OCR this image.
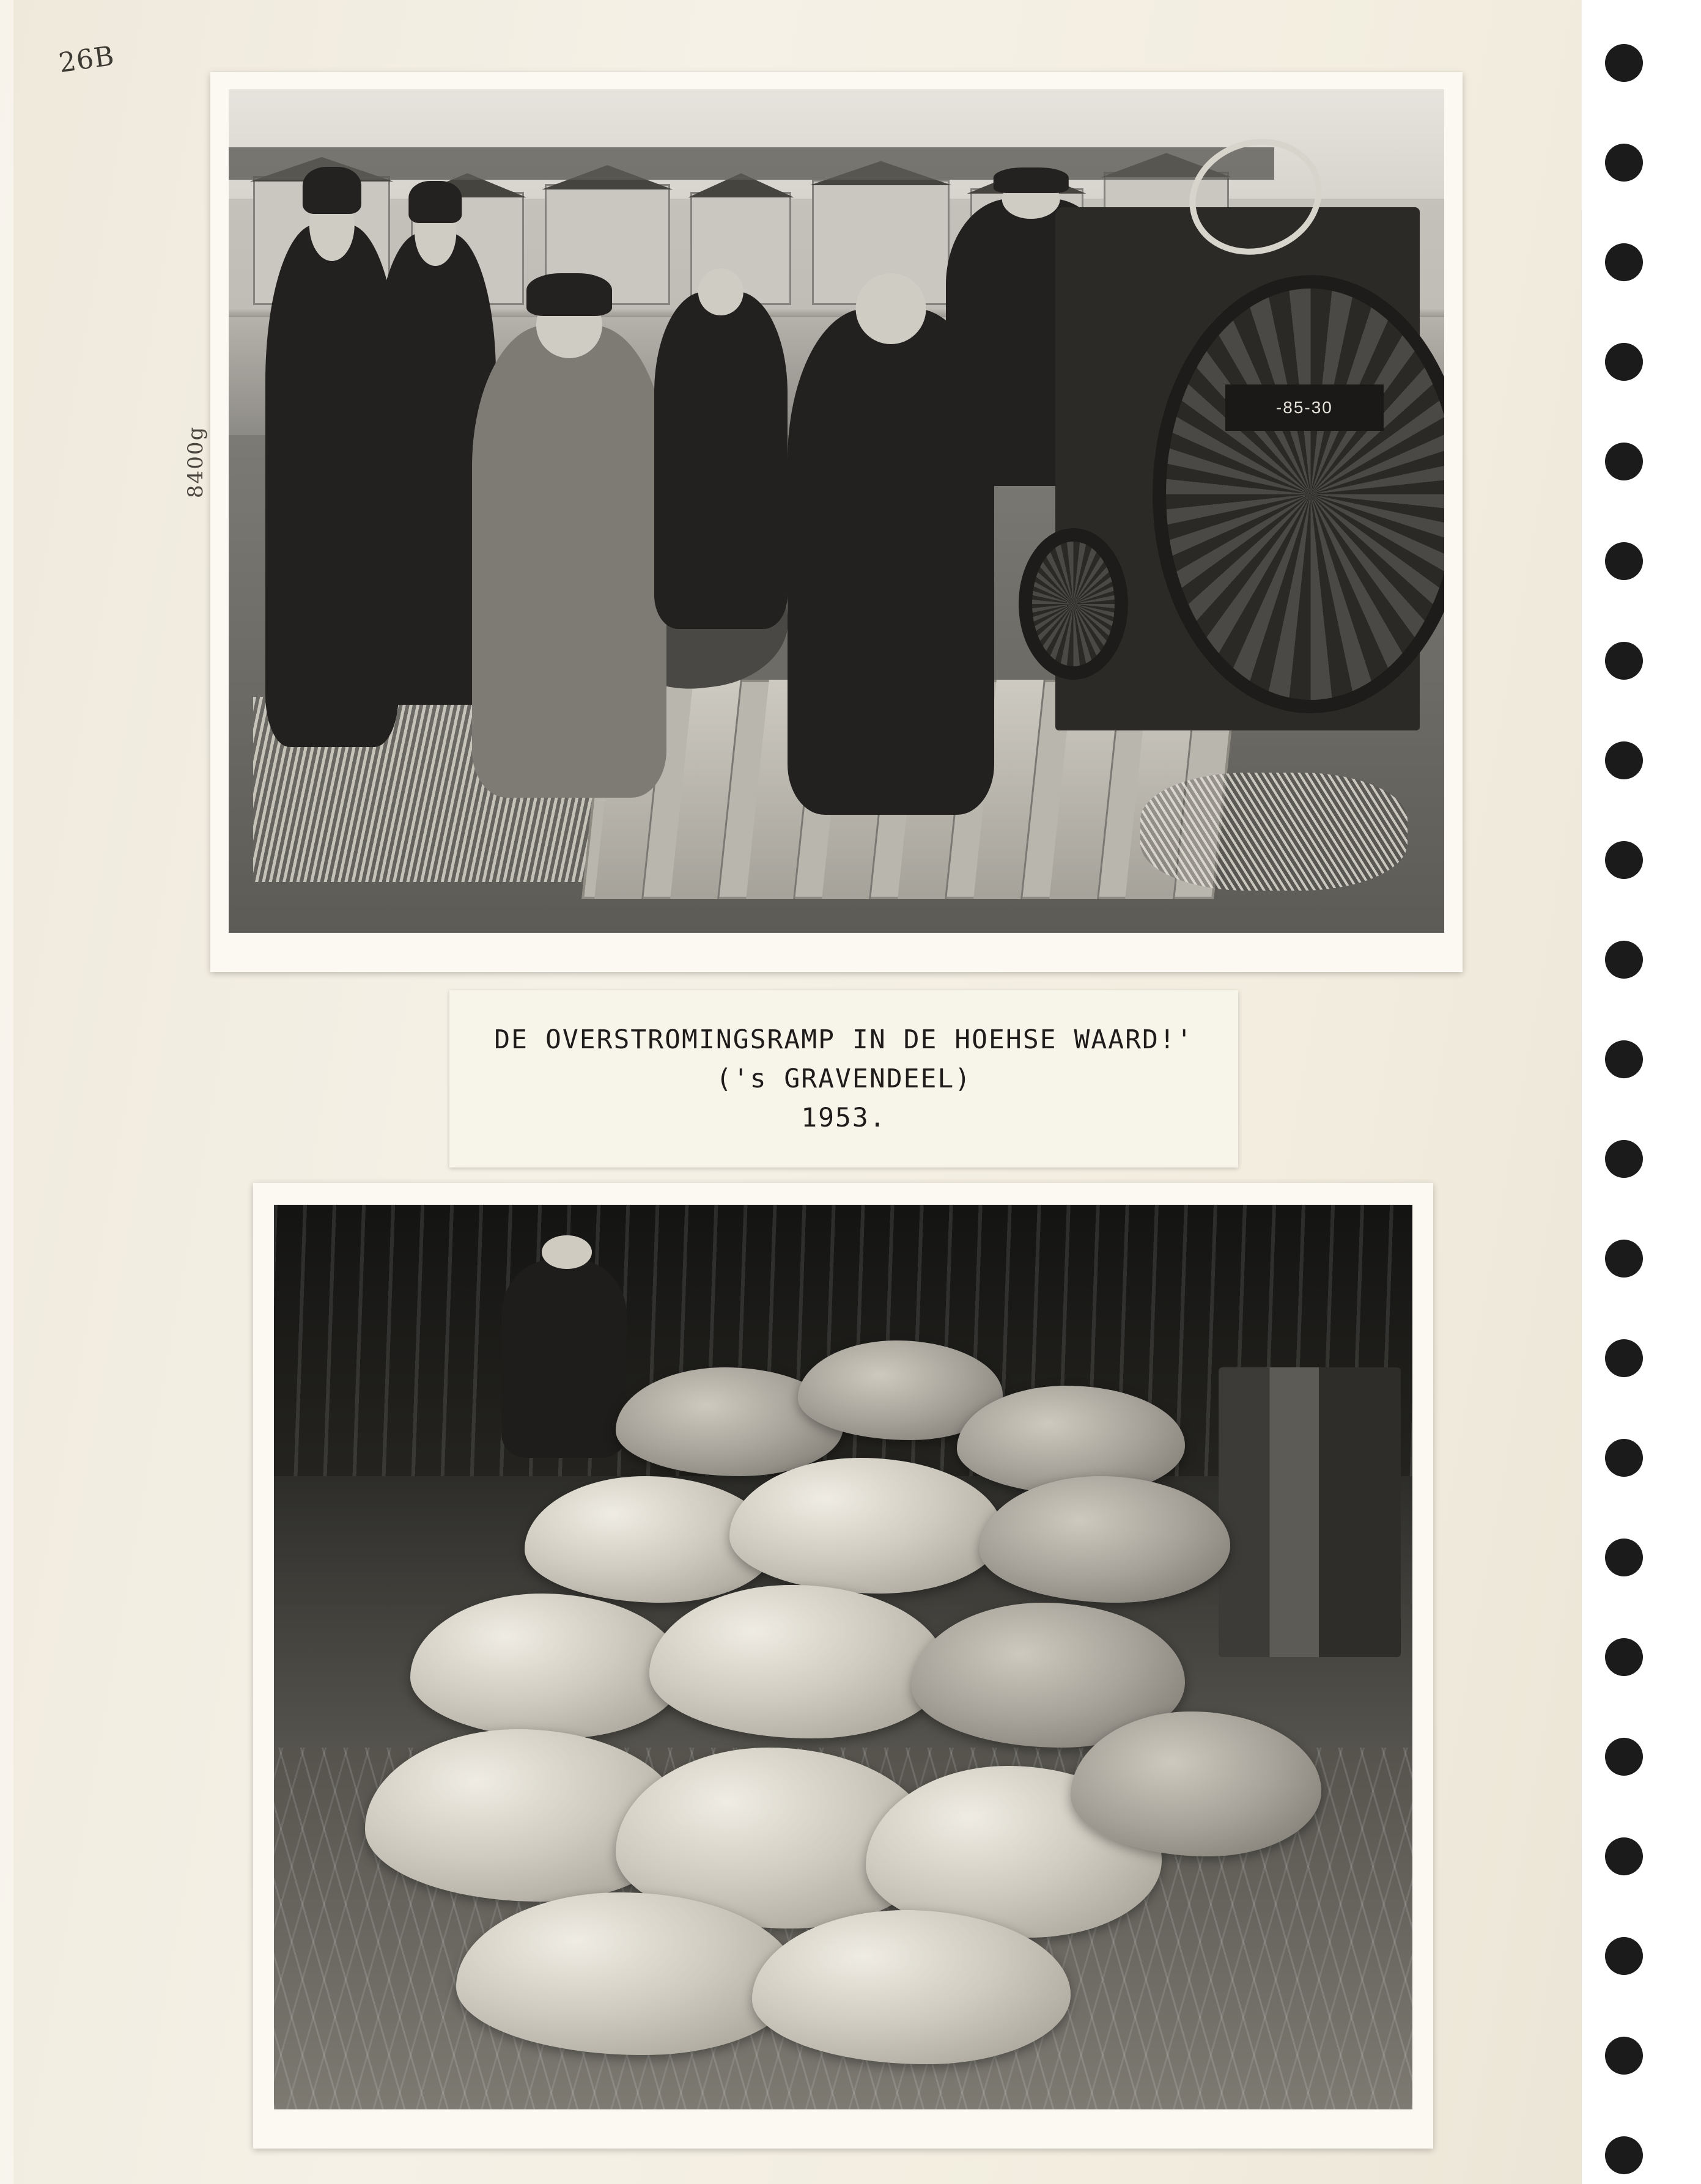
26B
8400g
-85-30
DE OVERSTROMINGSRAMP IN DE HOEHSE WAARD!'
('s GRAVENDEEL)
1953.
